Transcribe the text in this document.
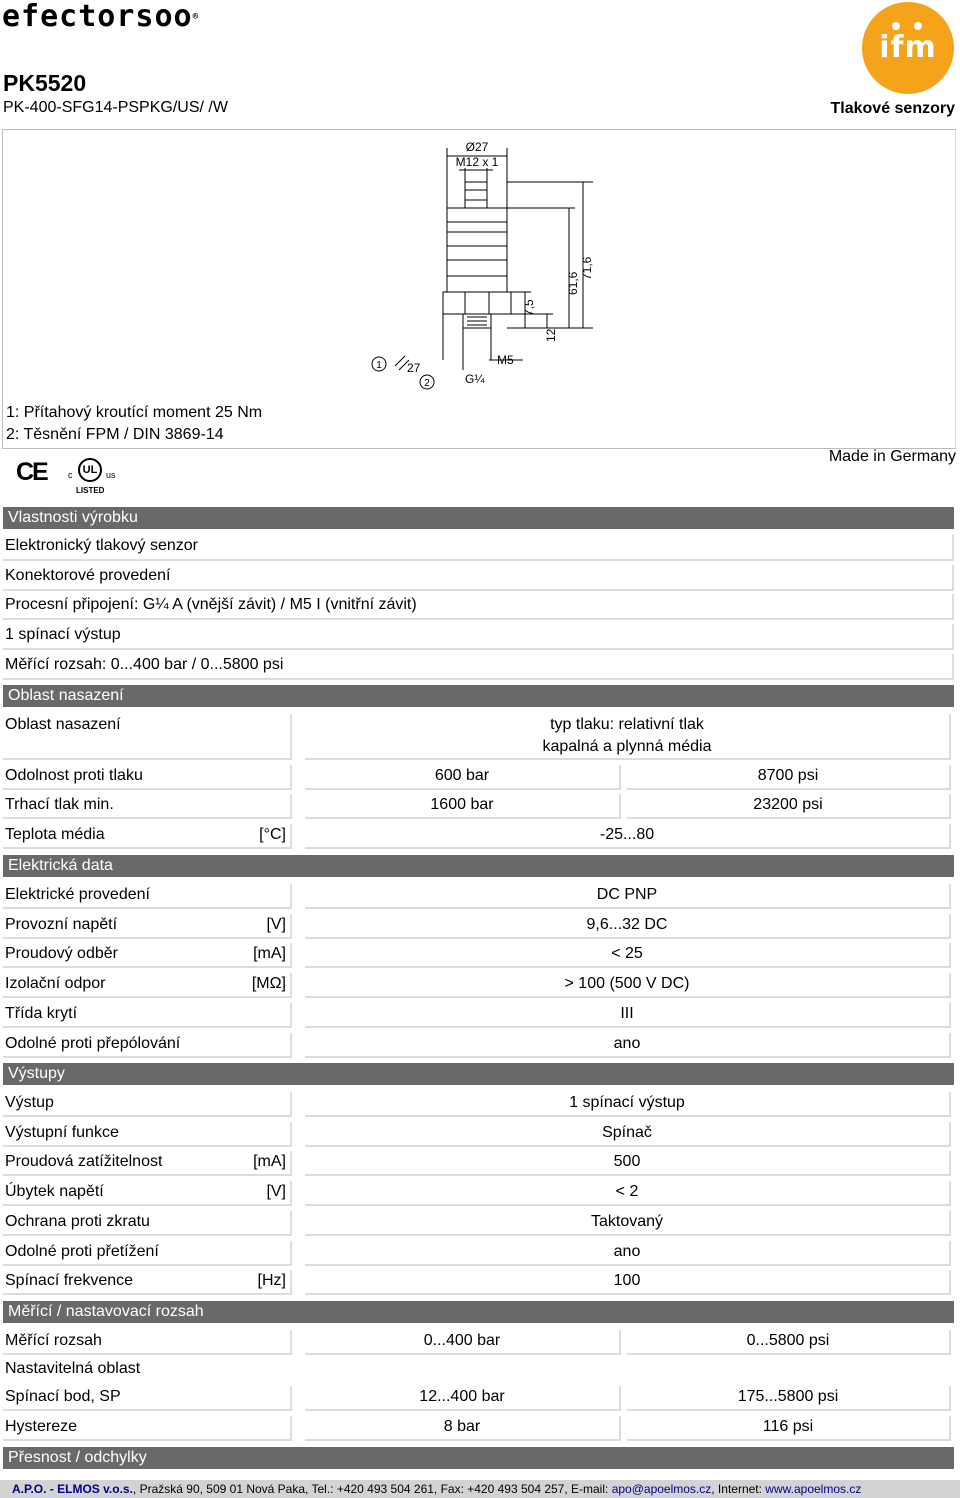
efectorsoo®
ifm
PK5520
PK-400-SFG14-PSPKG/US/ /W	Tlakové senzory
Ø27
M12 x 1
71,6
61,6
7,5
12
27
M5
G¼
1
2
1: Přítahový kroutící moment 25 Nm
2: Těsnění FPM / DIN 3869-14
Made in Germany
CE c UL us
LISTED
Vlastnosti výrobku
Elektronický tlakový senzor
Konektorové provedení
Procesní připojení: G¼ A (vnější závit) / M5 I (vnitřní závit)
1 spínací výstup
Měřící rozsah: 0...400 bar / 0...5800 psi
Oblast nasazení
Oblast nasazení	typ tlaku: relativní tlak
kapalná a plynná média
Odolnost proti tlaku	600 bar	8700 psi
Trhací tlak min.	1600 bar	23200 psi
Teplota média	[°C]	-25...80
Elektrická data
Elektrické provedení	DC PNP
Provozní napětí	[V]	9,6...32 DC
Proudový odběr	[mA]	< 25
Izolační odpor	[MΩ]	> 100 (500 V DC)
Třída krytí	III
Odolné proti přepólování	ano
Výstupy
Výstup	1 spínací výstup
Výstupní funkce	Spínač
Proudová zatížitelnost	[mA]	500
Úbytek napětí	[V]	< 2
Ochrana proti zkratu	Taktovaný
Odolné proti přetížení	ano
Spínací frekvence	[Hz]	100
Měřící / nastavovací rozsah
Měřící rozsah	0...400 bar	0...5800 psi
Nastavitelná oblast
Spínací bod, SP	12...400 bar	175...5800 psi
Hystereze	8 bar	116 psi
Přesnost / odchylky
A.P.O. - ELMOS v.o.s., Pražská 90, 509 01 Nová Paka, Tel.: +420 493 504 261, Fax: +420 493 504 257, E-mail: apo@apoelmos.cz, Internet: www.apoelmos.cz
